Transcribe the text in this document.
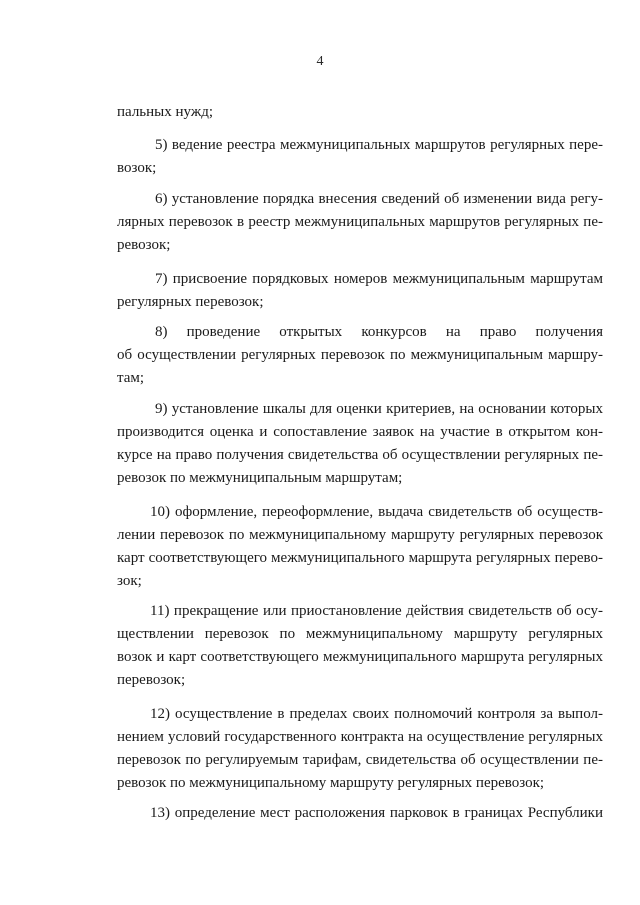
4
пальных нужд;
5) ведение реестра межмуниципальных маршрутов регулярных пере-
возок;
6) установление порядка внесения сведений об изменении вида регу-
лярных перевозок в реестр межмуниципальных маршрутов регулярных пе-
ревозок;
7) присвоение порядковых номеров межмуниципальным маршрутам
регулярных перевозок;
8) проведение открытых конкурсов на право получения
об осуществлении регулярных перевозок по межмуниципальным маршру-
там;
9) установление шкалы для оценки критериев, на основании которых
производится оценка и сопоставление заявок на участие в открытом кон-
курсе на право получения свидетельства об осуществлении регулярных пе-
ревозок по межмуниципальным маршрутам;
10) оформление, переоформление, выдача свидетельств об осуществ-
лении перевозок по межмуниципальному маршруту регулярных перевозок
карт соответствующего межмуниципального маршрута регулярных перево-
зок;
11) прекращение или приостановление действия свидетельств об осу-
ществлении перевозок по межмуниципальному маршруту регулярных
возок и карт соответствующего межмуниципального маршрута регулярных
перевозок;
12) осуществление в пределах своих полномочий контроля за выпол-
нением условий государственного контракта на осуществление регулярных
перевозок по регулируемым тарифам, свидетельства об осуществлении пе-
ревозок по межмуниципальному маршруту регулярных перевозок;
13) определение мест расположения парковок в границах Республики
